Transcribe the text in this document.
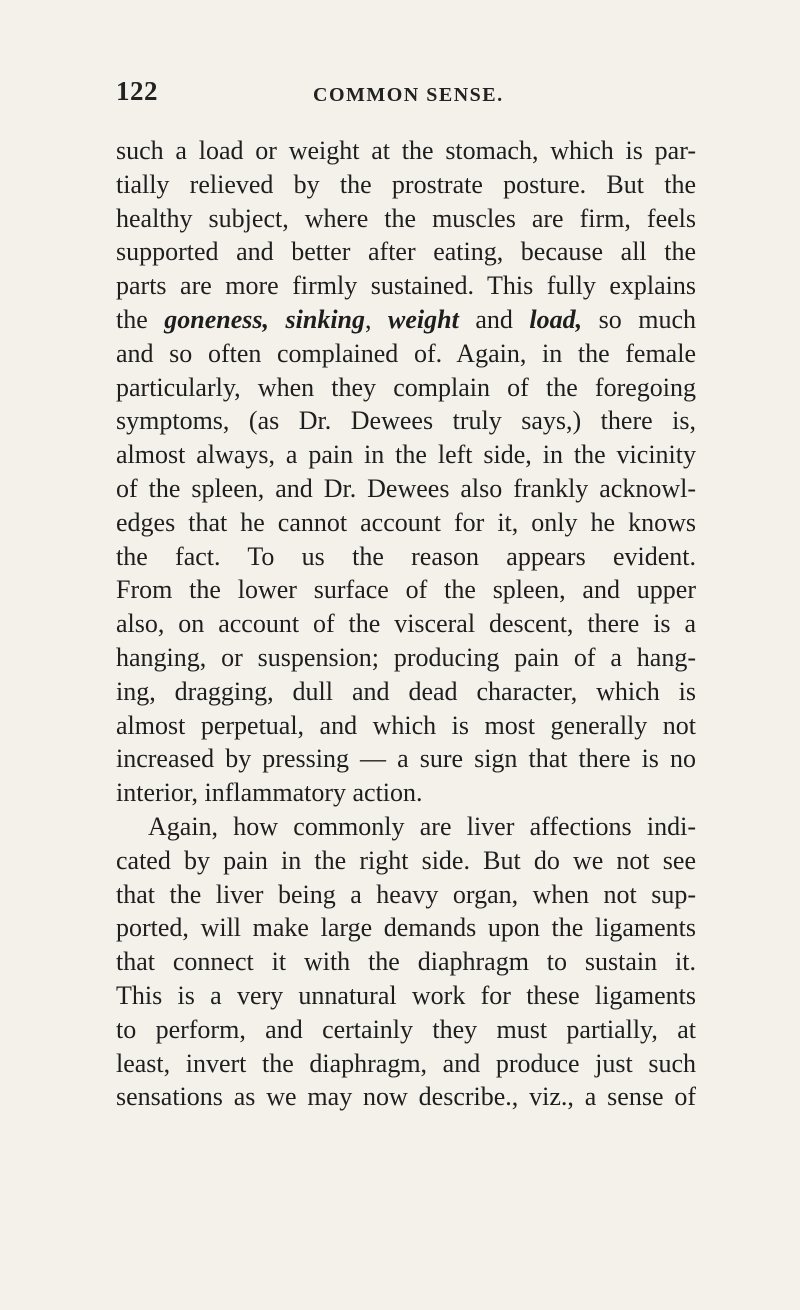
122	COMMON SENSE.
such a load or weight at the stomach, which is par-
tially relieved by the prostrate posture. But the
healthy subject, where the muscles are firm, feels
supported and better after eating, because all the
parts are more firmly sustained. This fully explains
the goneness, sinking, weight and load, so much
and so often complained of. Again, in the female
particularly, when they complain of the foregoing
symptoms, (as Dr. Dewees truly says,) there is,
almost always, a pain in the left side, in the vicinity
of the spleen, and Dr. Dewees also frankly acknowl-
edges that he cannot account for it, only he knows
the fact. To us the reason appears evident.
From the lower surface of the spleen, and upper
also, on account of the visceral descent, there is a
hanging, or suspension; producing pain of a hang-
ing, dragging, dull and dead character, which is
almost perpetual, and which is most generally not
increased by pressing — a sure sign that there is no
interior, inflammatory action.
Again, how commonly are liver affections indi-
cated by pain in the right side. But do we not see
that the liver being a heavy organ, when not sup-
ported, will make large demands upon the ligaments
that connect it with the diaphragm to sustain it.
This is a very unnatural work for these ligaments
to perform, and certainly they must partially, at
least, invert the diaphragm, and produce just such
sensations as we may now describe., viz., a sense of
